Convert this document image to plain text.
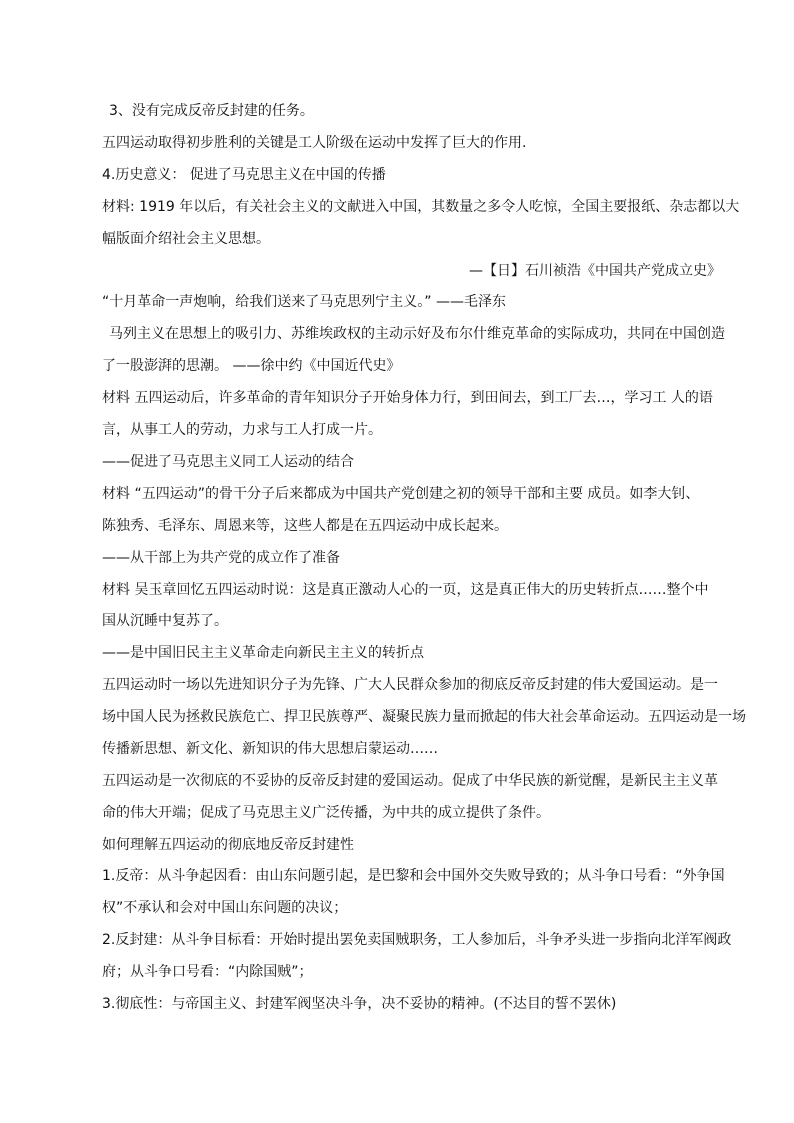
3、没有完成反帝反封建的任务。
五四运动取得初步胜利的关键是工人阶级在运动中发挥了巨大的作用.
4.历史意义： 促进了马克思主义在中国的传播
材料: 1919 年以后，有关社会主义的文献进入中国，其数量之多令人吃惊，全国主要报纸、杂志都以大
幅版面介绍社会主义思想。
—【日】石川祯浩《中国共产党成立史》
“十月革命一声炮响，给我们送来了马克思列宁主义。” ——毛泽东
马列主义在思想上的吸引力、苏维埃政权的主动示好及布尔什维克革命的实际成功，共同在中国创造
了一股澎湃的思潮。 ——徐中约《中国近代史》
材料 五四运动后，许多革命的青年知识分子开始身体力行，到田间去，到工厂去…，学习工 人的语
言，从事工人的劳动，力求与工人打成一片。
——促进了马克思主义同工人运动的结合
材料 “五四运动”的骨干分子后来都成为中国共产党创建之初的领导干部和主要 成员。如李大钊、
陈独秀、毛泽东、周恩来等，这些人都是在五四运动中成长起来。
——从干部上为共产党的成立作了准备
材料 吴玉章回忆五四运动时说：这是真正激动人心的一页，这是真正伟大的历史转折点……整个中
国从沉睡中复苏了。
——是中国旧民主主义革命走向新民主主义的转折点
五四运动时一场以先进知识分子为先锋、广大人民群众参加的彻底反帝反封建的伟大爱国运动。是一
场中国人民为拯救民族危亡、捍卫民族尊严、凝聚民族力量而掀起的伟大社会革命运动。五四运动是一场
传播新思想、新文化、新知识的伟大思想启蒙运动……
五四运动是一次彻底的不妥协的反帝反封建的爱国运动。促成了中华民族的新觉醒，是新民主主义革
命的伟大开端；促成了马克思主义广泛传播，为中共的成立提供了条件。
如何理解五四运动的彻底地反帝反封建性
1.反帝：从斗争起因看：由山东问题引起，是巴黎和会中国外交失败导致的；从斗争口号看：“外争国
权”不承认和会对中国山东问题的决议；
2.反封建：从斗争目标看：开始时提出罢免卖国贼职务，工人参加后，斗争矛头进一步指向北洋军阀政
府；从斗争口号看：“内除国贼”；
3.彻底性：与帝国主义、封建军阀坚决斗争，决不妥协的精神。(不达目的誓不罢休)
